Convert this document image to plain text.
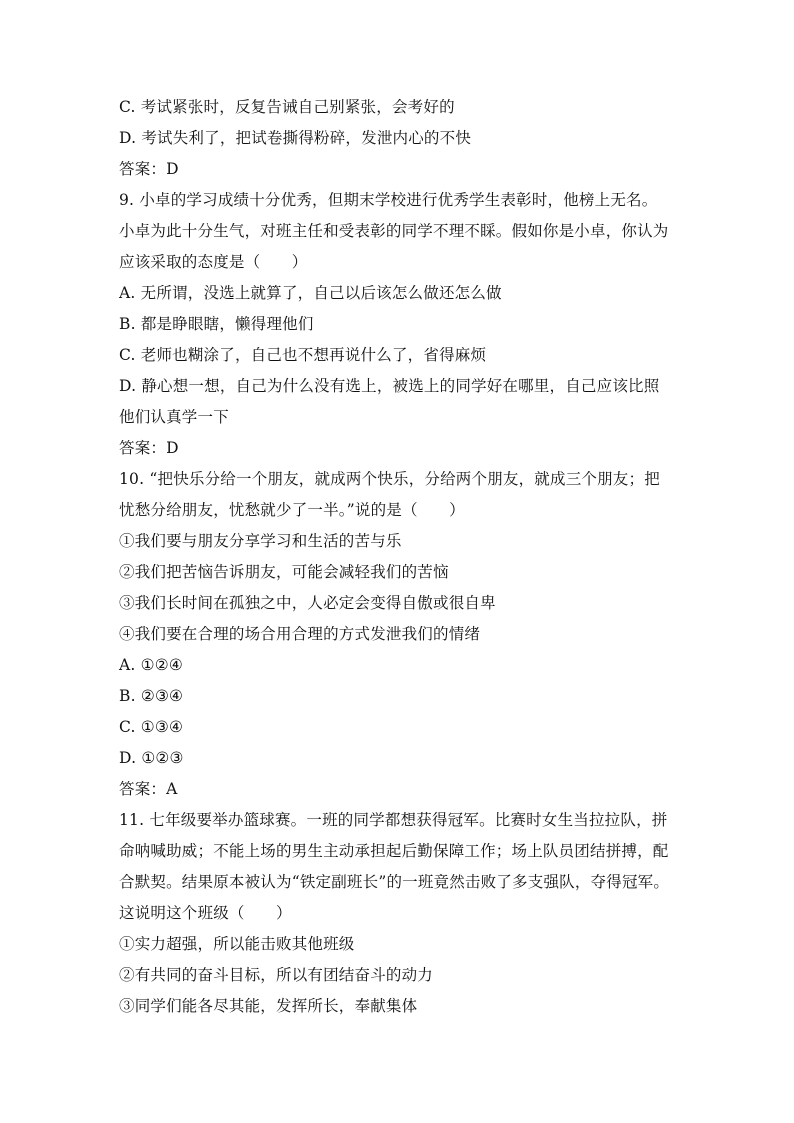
C. 考试紧张时，反复告诫自己别紧张，会考好的
D. 考试失利了，把试卷撕得粉碎，发泄内心的不快
答案：D
9. 小卓的学习成绩十分优秀，但期末学校进行优秀学生表彰时，他榜上无名。
小卓为此十分生气，对班主任和受表彰的同学不理不睬。假如你是小卓，你认为
应该采取的态度是（　　）
A. 无所谓，没选上就算了，自己以后该怎么做还怎么做
B. 都是睁眼瞎，懒得理他们
C. 老师也糊涂了，自己也不想再说什么了，省得麻烦
D. 静心想一想，自己为什么没有选上，被选上的同学好在哪里，自己应该比照
他们认真学一下
答案：D
10. “把快乐分给一个朋友，就成两个快乐，分给两个朋友，就成三个朋友；把
忧愁分给朋友，忧愁就少了一半。”说的是（　　）
①我们要与朋友分享学习和生活的苦与乐
②我们把苦恼告诉朋友，可能会减轻我们的苦恼
③我们长时间在孤独之中，人必定会变得自傲或很自卑
④我们要在合理的场合用合理的方式发泄我们的情绪
A. ①②④
B. ②③④
C. ①③④
D. ①②③
答案：A
11. 七年级要举办篮球赛。一班的同学都想获得冠军。比赛时女生当拉拉队，拼
命呐喊助威；不能上场的男生主动承担起后勤保障工作；场上队员团结拼搏，配
合默契。结果原本被认为“铁定副班长”的一班竟然击败了多支强队，夺得冠军。
这说明这个班级（　　）
①实力超强，所以能击败其他班级
②有共同的奋斗目标，所以有团结奋斗的动力
③同学们能各尽其能，发挥所长，奉献集体
